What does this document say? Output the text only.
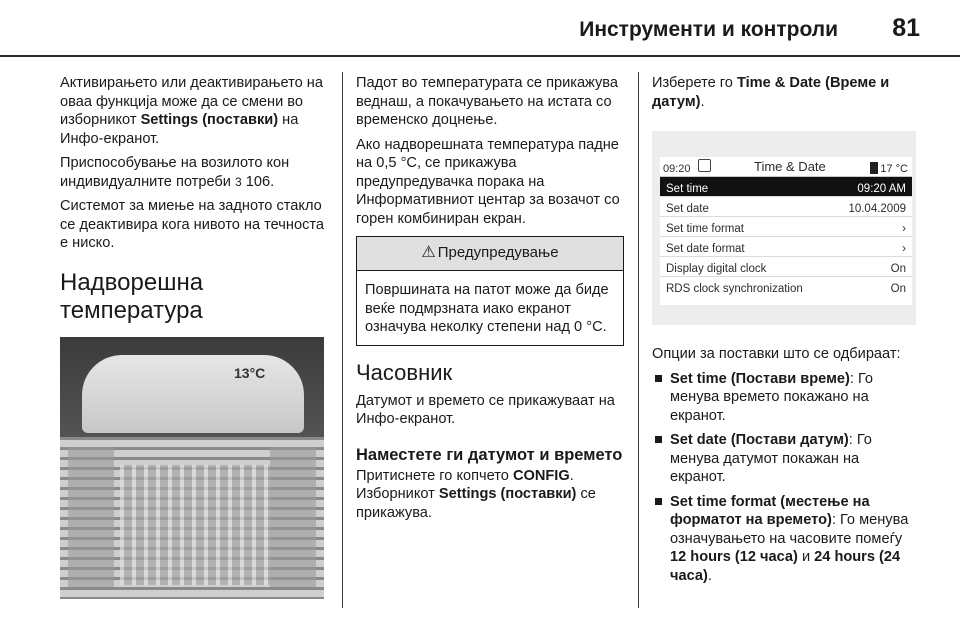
Инструменти и контроли 81

Активирањето или деактивирањето на оваа функција може да се смени во изборникот Settings (поставки) на Инфо-екранот.

Приспособување на возилото кон индивидуалните потреби 3 106.

Системот за миење на задното стакло се деактивира кога нивото на течноста е ниско.

Надворешна температура
13°C

Падот во температурата се прикажува веднаш, а покачувањето на истата со временско доцнење.

Ако надворешната температура падне на 0,5 °C, се прикажува предупредувачка порака на Информативниот центар за возачот со горен комбиниран екран.

⚠ Предупредување
Површината на патот може да биде веќе подмрзната иако екранот означува неколку степени над 0 °C.
Часовник

Датумот и времето се прикажуваат на Инфо-екранот.

Наместете ги датумот и времето

Притиснете го копчето CONFIG.

Изборникот Settings (поставки) се прикажува.

Изберете го Time & Date (Време и датум).

09:20	Time & Date	17 °C
Set time	09:20 AM
Set date	10.04.2009
Set time format	›
Set date format	›
Display digital clock	On
RDS clock synchronization	On

Опции за поставки што се одбираат:

Set time (Постави време): Го менува времето покажано на екранот.
Set date (Постави датум): Го менува датумот покажан на екранот.
Set time format (местење на форматот на времето): Го менува означувањето на часовите помеѓу 12 hours (12 часа) и 24 hours (24 часа).
